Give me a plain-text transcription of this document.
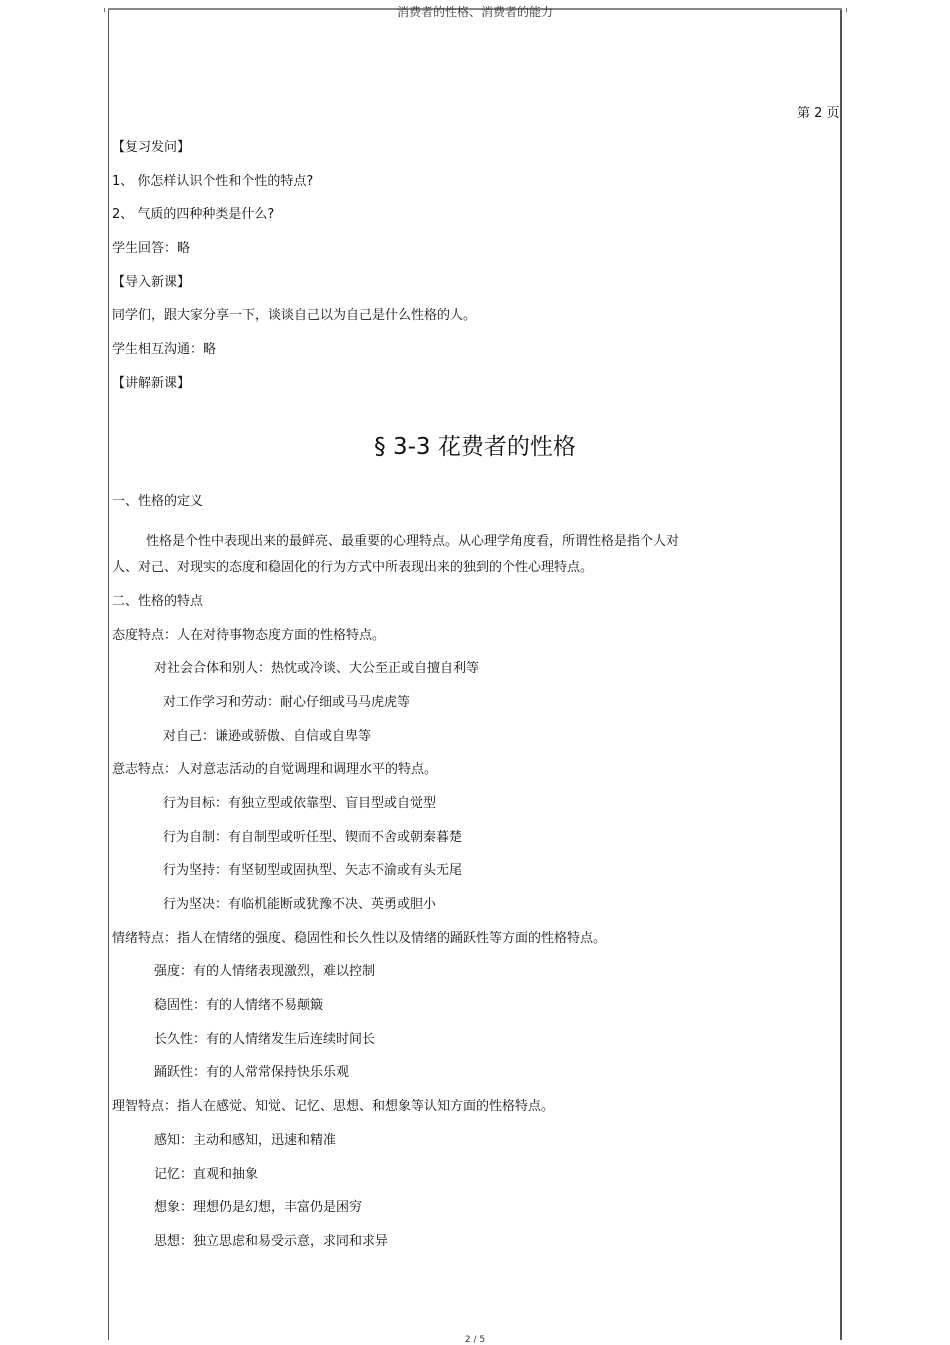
消费者的性格、消费者的能力
第 2 页
【复习发问】
1、 你怎样认识个性和个性的特点?
2、 气质的四种种类是什么?
学生回答：略
【导入新课】
同学们，跟大家分享一下，谈谈自己以为自己是什么性格的人。
学生相互沟通：略
【讲解新课】
§ 3-3 花费者的性格
一、性格的定义
性格是个性中表现出来的最鲜亮、最重要的心理特点。从心理学角度看，所谓性格是指个人对
人、对己、对现实的态度和稳固化的行为方式中所表现出来的独到的个性心理特点。
二、性格的特点
态度特点：人在对待事物态度方面的性格特点。
对社会合体和别人：热忱或冷谈、大公至正或自擅自利等
对工作学习和劳动：耐心仔细或马马虎虎等
对自己：谦逊或骄傲、自信或自卑等
意志特点：人对意志活动的自觉调理和调理水平的特点。
行为目标：有独立型或依靠型、盲目型或自觉型
行为自制：有自制型或听任型、锲而不舍或朝秦暮楚
行为坚持：有坚韧型或固执型、矢志不渝或有头无尾
行为坚决：有临机能断或犹豫不决、英勇或胆小
情绪特点：指人在情绪的强度、稳固性和长久性以及情绪的踊跃性等方面的性格特点。
强度：有的人情绪表现激烈，难以控制
稳固性：有的人情绪不易颠簸
长久性：有的人情绪发生后连续时间长
踊跃性：有的人常常保持快乐乐观
理智特点：指人在感觉、知觉、记忆、思想、和想象等认知方面的性格特点。
感知：主动和感知，迅速和精准
记忆：直观和抽象
想象：理想仍是幻想，丰富仍是困穷
思想：独立思虑和易受示意，求同和求异
2 / 5
